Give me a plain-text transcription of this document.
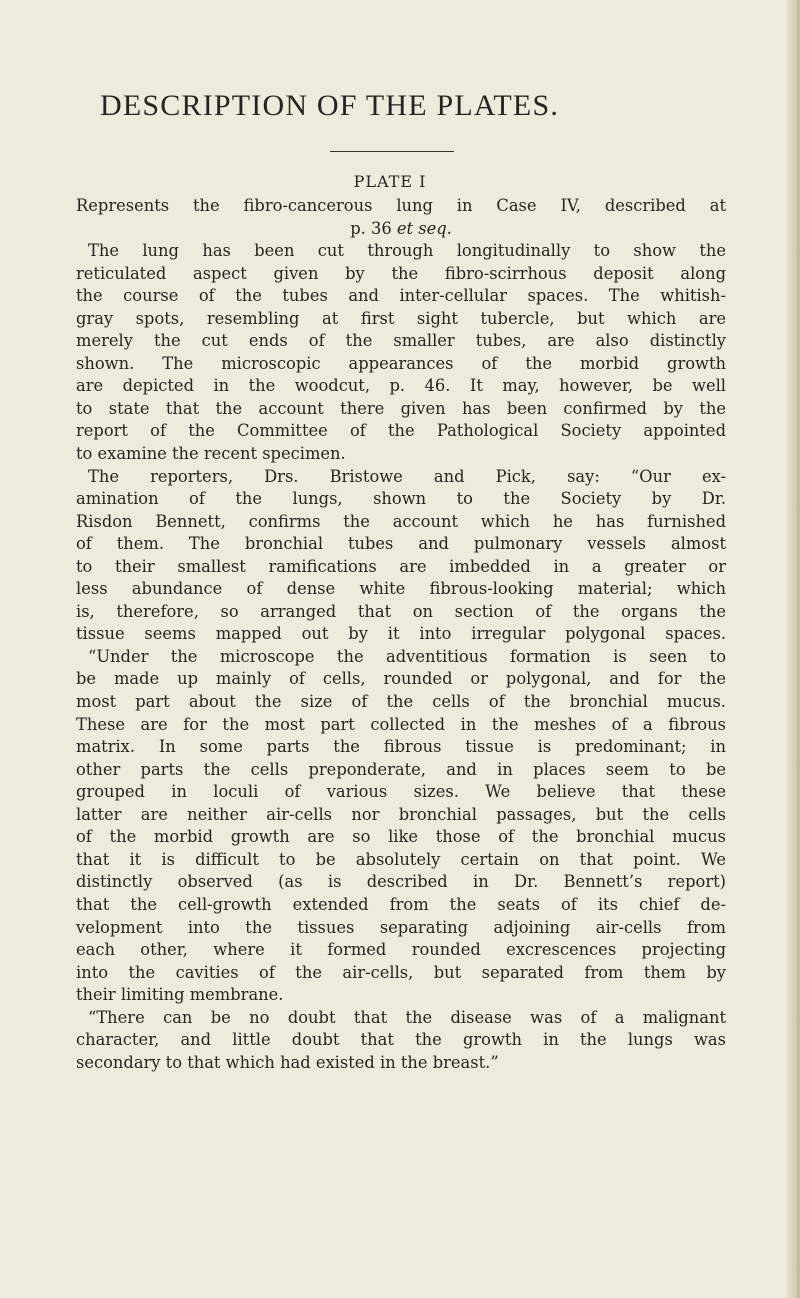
DESCRIPTION OF THE PLATES.
PLATE I
Represents the fibro-cancerous lung in Case IV, described at
p. 36 et seq.
The lung has been cut through longitudinally to show the
reticulated aspect given by the fibro-scirrhous deposit along
the course of the tubes and inter-cellular spaces. The whitish-
gray spots, resembling at first sight tubercle, but which are
merely the cut ends of the smaller tubes, are also distinctly
shown. The microscopic appearances of the morbid growth
are depicted in the woodcut, p. 46. It may, however, be well
to state that the account there given has been confirmed by the
report of the Committee of the Pathological Society appointed
to examine the recent specimen.
The reporters, Drs. Bristowe and Pick, say: “Our ex-
amination of the lungs, shown to the Society by Dr.
Risdon Bennett, confirms the account which he has furnished
of them. The bronchial tubes and pulmonary vessels almost
to their smallest ramifications are imbedded in a greater or
less abundance of dense white fibrous-looking material; which
is, therefore, so arranged that on section of the organs the
tissue seems mapped out by it into irregular polygonal spaces.
“Under the microscope the adventitious formation is seen to
be made up mainly of cells, rounded or polygonal, and for the
most part about the size of the cells of the bronchial mucus.
These are for the most part collected in the meshes of a fibrous
matrix. In some parts the fibrous tissue is predominant; in
other parts the cells preponderate, and in places seem to be
grouped in loculi of various sizes. We believe that these
latter are neither air-cells nor bronchial passages, but the cells
of the morbid growth are so like those of the bronchial mucus
that it is difficult to be absolutely certain on that point. We
distinctly observed (as is described in Dr. Bennett’s report)
that the cell-growth extended from the seats of its chief de-
velopment into the tissues separating adjoining air-cells from
each other, where it formed rounded excrescences projecting
into the cavities of the air-cells, but separated from them by
their limiting membrane.
“There can be no doubt that the disease was of a malignant
character, and little doubt that the growth in the lungs was
secondary to that which had existed in the breast.”
